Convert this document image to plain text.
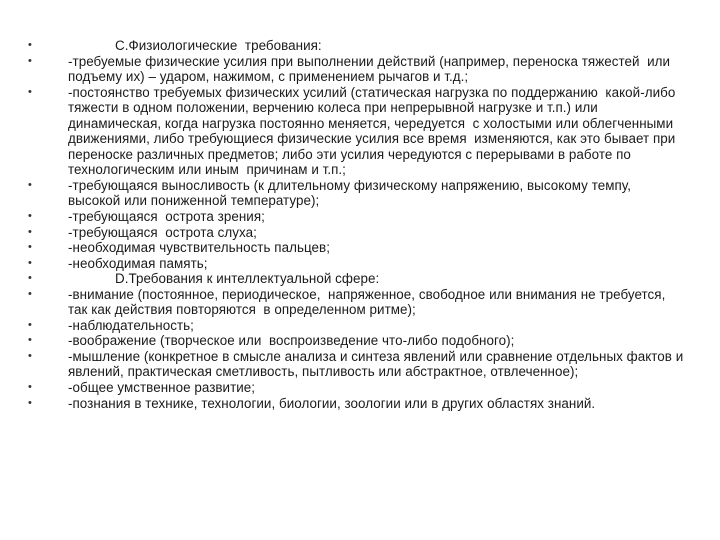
•	С.Физиологические  требования:
•	-требуемые физические усилия при выполнении действий (например, переноска тяжестей  или подъему их) – ударом, нажимом, с применением рычагов и т.д.;
•	-постоянство требуемых физических усилий (статическая нагрузка по поддержанию  какой-либо тяжести в одном положении, верчению колеса при непрерывной нагрузке и т.п.) или динамическая, когда нагрузка постоянно меняется, чередуется  с холостыми или облегченными движениями, либо требующиеся физические усилия все время  изменяются, как это бывает при переноске различных предметов; либо эти усилия чередуются с перерывами в работе по технологическим или иным  причинам и т.п.;
•	-требующаяся выносливость (к длительному физическому напряжению, высокому темпу,  высокой или пониженной температуре);
•	-требующаяся  острота зрения;
•	-требующаяся  острота слуха;
•	-необходимая чувствительность пальцев;
•	-необходимая память;
•	D.Требования к интеллектуальной сфере:
•	-внимание (постоянное, периодическое,  напряженное, свободное или внимания не требуется, так как действия повторяются  в определенном ритме);
•	-наблюдательность;
•	-воображение (творческое или  воспроизведение что-либо подобного);
•	-мышление (конкретное в смысле анализа и синтеза явлений или сравнение отдельных фактов и явлений, практическая сметливость, пытливость или абстрактное, отвлеченное);
•	-общее умственное развитие;
•	-познания в технике, технологии, биологии, зоологии или в других областях знаний.
